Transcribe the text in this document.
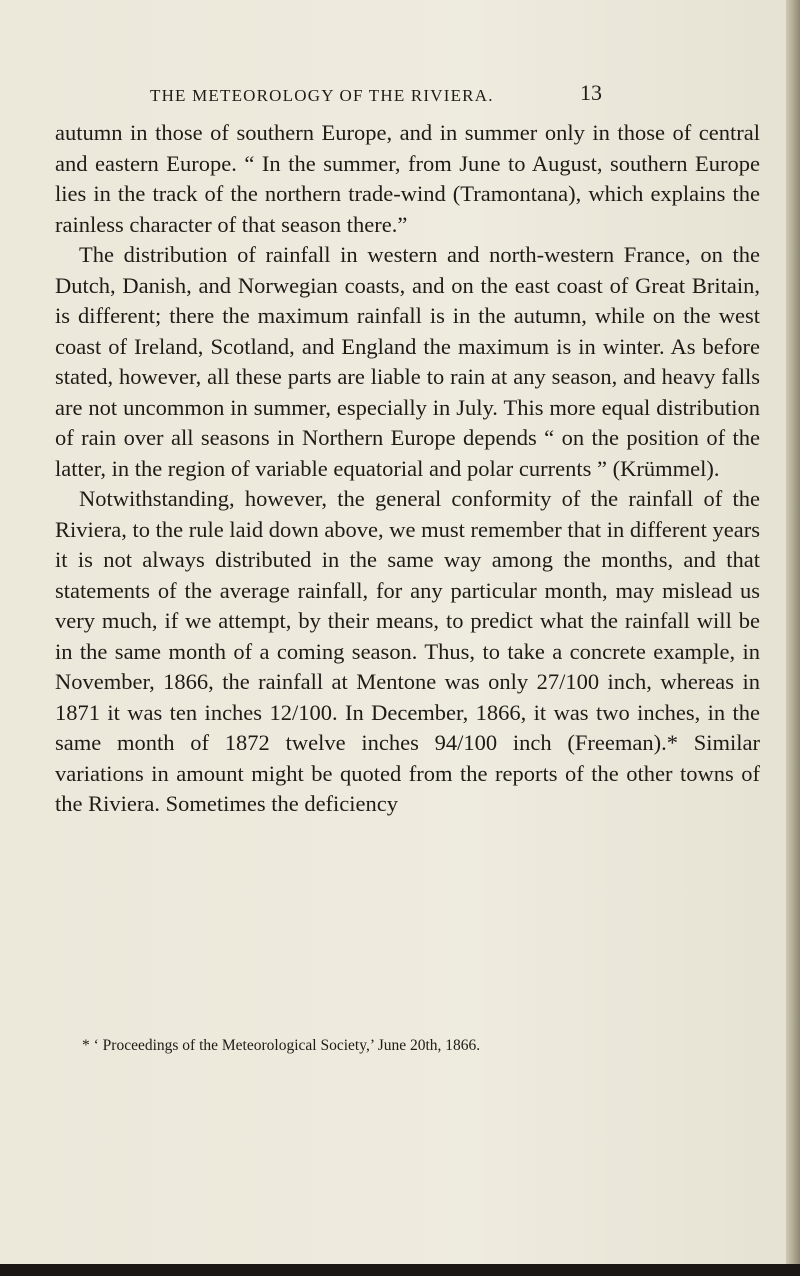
THE METEOROLOGY OF THE RIVIERA.	13

autumn in those of southern Europe, and in summer only in those of central and eastern Europe. “ In the summer, from June to August, southern Europe lies in the track of the northern trade-wind (Tramontana), which explains the rainless character of that season there.”

The distribution of rainfall in western and north-western France, on the Dutch, Danish, and Norwegian coasts, and on the east coast of Great Britain, is different; there the maximum rainfall is in the autumn, while on the west coast of Ireland, Scotland, and England the maximum is in winter. As before stated, however, all these parts are liable to rain at any season, and heavy falls are not uncommon in summer, especially in July. This more equal distribution of rain over all seasons in Northern Europe depends “ on the position of the latter, in the region of variable equatorial and polar currents ” (Krümmel).

Notwithstanding, however, the general conformity of the rainfall of the Riviera, to the rule laid down above, we must remember that in different years it is not always distributed in the same way among the months, and that statements of the average rainfall, for any particular month, may mislead us very much, if we attempt, by their means, to predict what the rainfall will be in the same month of a coming season. Thus, to take a concrete example, in November, 1866, the rainfall at Mentone was only 27/100 inch, whereas in 1871 it was ten inches 12/100. In December, 1866, it was two inches, in the same month of 1872 twelve inches 94/100 inch (Freeman).* Similar variations in amount might be quoted from the reports of the other towns of the Riviera. Sometimes the deficiency

* ‘ Proceedings of the Meteorological Society,’ June 20th, 1866.
